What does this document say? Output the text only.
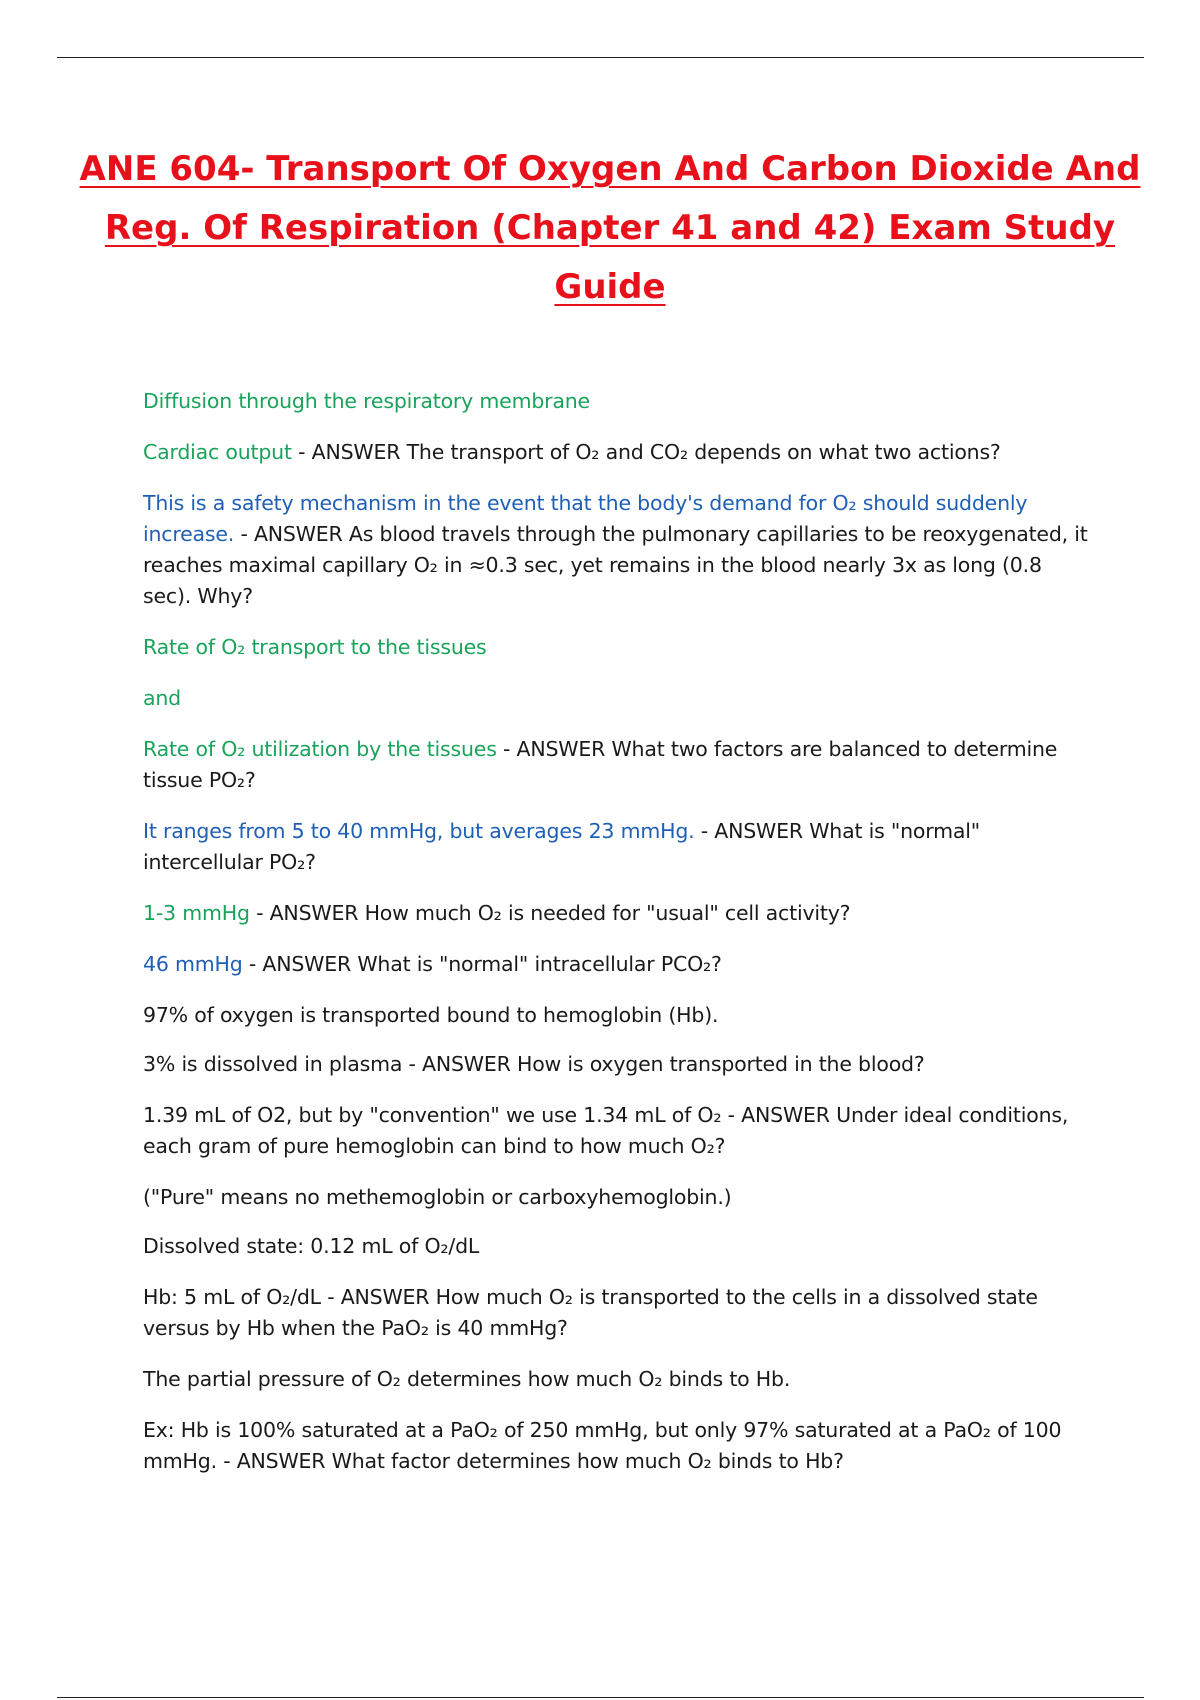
ANE 604- Transport Of Oxygen And Carbon Dioxide And Reg. Of Respiration (Chapter 41 and 42) Exam Study Guide

Diffusion through the respiratory membrane

Cardiac output - ANSWER The transport of O₂ and CO₂ depends on what two actions?

This is a safety mechanism in the event that the body's demand for O₂ should suddenly increase. - ANSWER As blood travels through the pulmonary capillaries to be reoxygenated, it reaches maximal capillary O₂ in ≈0.3 sec, yet remains in the blood nearly 3x as long (0.8 sec). Why?

Rate of O₂ transport to the tissues

and

Rate of O₂ utilization by the tissues - ANSWER What two factors are balanced to determine tissue PO₂?

It ranges from 5 to 40 mmHg, but averages 23 mmHg. - ANSWER What is "normal" intercellular PO₂?

1-3 mmHg - ANSWER How much O₂ is needed for "usual" cell activity?

46 mmHg - ANSWER What is "normal" intracellular PCO₂?

97% of oxygen is transported bound to hemoglobin (Hb).

3% is dissolved in plasma - ANSWER How is oxygen transported in the blood?

1.39 mL of O2, but by "convention" we use 1.34 mL of O₂ - ANSWER Under ideal conditions, each gram of pure hemoglobin can bind to how much O₂?

("Pure" means no methemoglobin or carboxyhemoglobin.)

Dissolved state: 0.12 mL of O₂/dL

Hb: 5 mL of O₂/dL - ANSWER How much O₂ is transported to the cells in a dissolved state versus by Hb when the PaO₂ is 40 mmHg?

The partial pressure of O₂ determines how much O₂ binds to Hb.

Ex: Hb is 100% saturated at a PaO₂ of 250 mmHg, but only 97% saturated at a PaO₂ of 100 mmHg. - ANSWER What factor determines how much O₂ binds to Hb?
